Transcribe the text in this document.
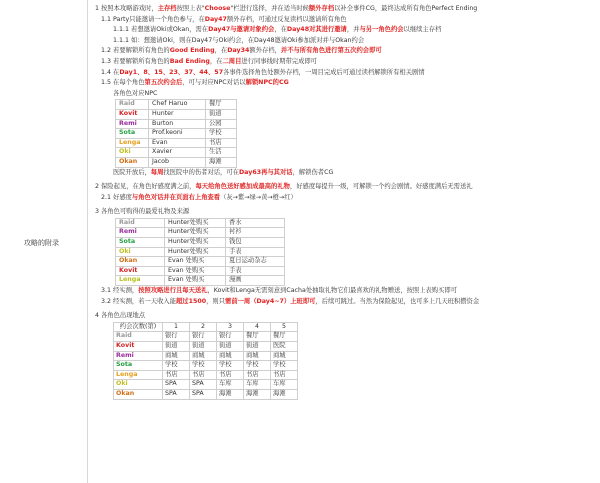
攻略的附录
1 按照本攻略游戏时，主存档按照上表"Choose"栏进行选择，并在适当时候额外存档以补全事件CG，最终达成所有角色Perfect Ending
1.1 Party只能邀请一个角色参与，在Day47额外存档，可通过反复读档以邀请所有角色
1.1.1 若想邀请Oki或Okan，需在Day47与邀请对象约会，在Day48对其进行邀请，并与另一角色约会以继续主存档
1.1.1 如：想邀请Oki，则在Day47与Oki约会，在Day48邀请Oki参加派对并与Okan约会
1.2 若要解锁所有角色的Good Ending，在Day34额外存档，并不与所有角色进行第五次约会即可
1.3 若要解锁所有角色的Bad Ending，在二周目进行同事线时期带完成即可
1.4 在Day1、8、15、23、37、44、57各事件选择角色处额外存档，一周目完成后可通过读档解锁所有相关剧情
1.5 在每个角色第五次约会后，可与对应NPC对话以解锁NPC的CG
各角色对应NPC
Raid	Chef Haruo	餐厅
Kovit	Hunter	街道
Remi	Burton	公园
Sota	Prof.keoni	学校
Lenga	Evan	书店
Oki	Xavier	生活
Okan	Jacob	海滩
医院开放后，每周找医院中的伤者对话，可在Day63再与其对话，解锁伤者CG
2 保险起见，在角色好感度满之前，每天给角色送好感加成最高的礼物，好感度每提升一级，可解锁一个约会剧情。好感度满后无需送礼
2.1 好感度与角色对话并在页面右上角查看（灰→紫→绿→黄→橙→红）
3 各角色可购得的最爱礼物及来源
Raid	Hunter处购买	香水
Remi	Hunter处购买	衬衫
Sota	Hunter处购买	钱包
Oki	Hunter处购买	手表
Okan	Evan 处购买	夏日运动杂志
Kovit	Evan 处购买	手表
Lenga	Evan 处购买	漫画
3.1 经实测，按照攻略进行且每天送礼，Kovit和Lenga无需刻意到Cacha处抽取礼物它们最喜欢的礼物赠送，按照上表购买即可
3.2 经实测，若一天收入能超过1500，则只需前一周（Day4~7）上班即可，后续可跳过。当然为保险起见，也可多上几天班积攒资金
4 各角色出现地点
约会次数(第)	1	2	3	4	5
Raid	银行	银行	银行	餐厅	餐厅
Kovit	街道	街道	街道	街道	医院
Remi	商城	商城	商城	商城	商城
Sota	学校	学校	学校	学校	学校
Lenga	书店	书店	书店	书店	书店
Oki	SPA	SPA	车库	车库	车库
Okan	SPA	SPA	海滩	海滩	海滩
